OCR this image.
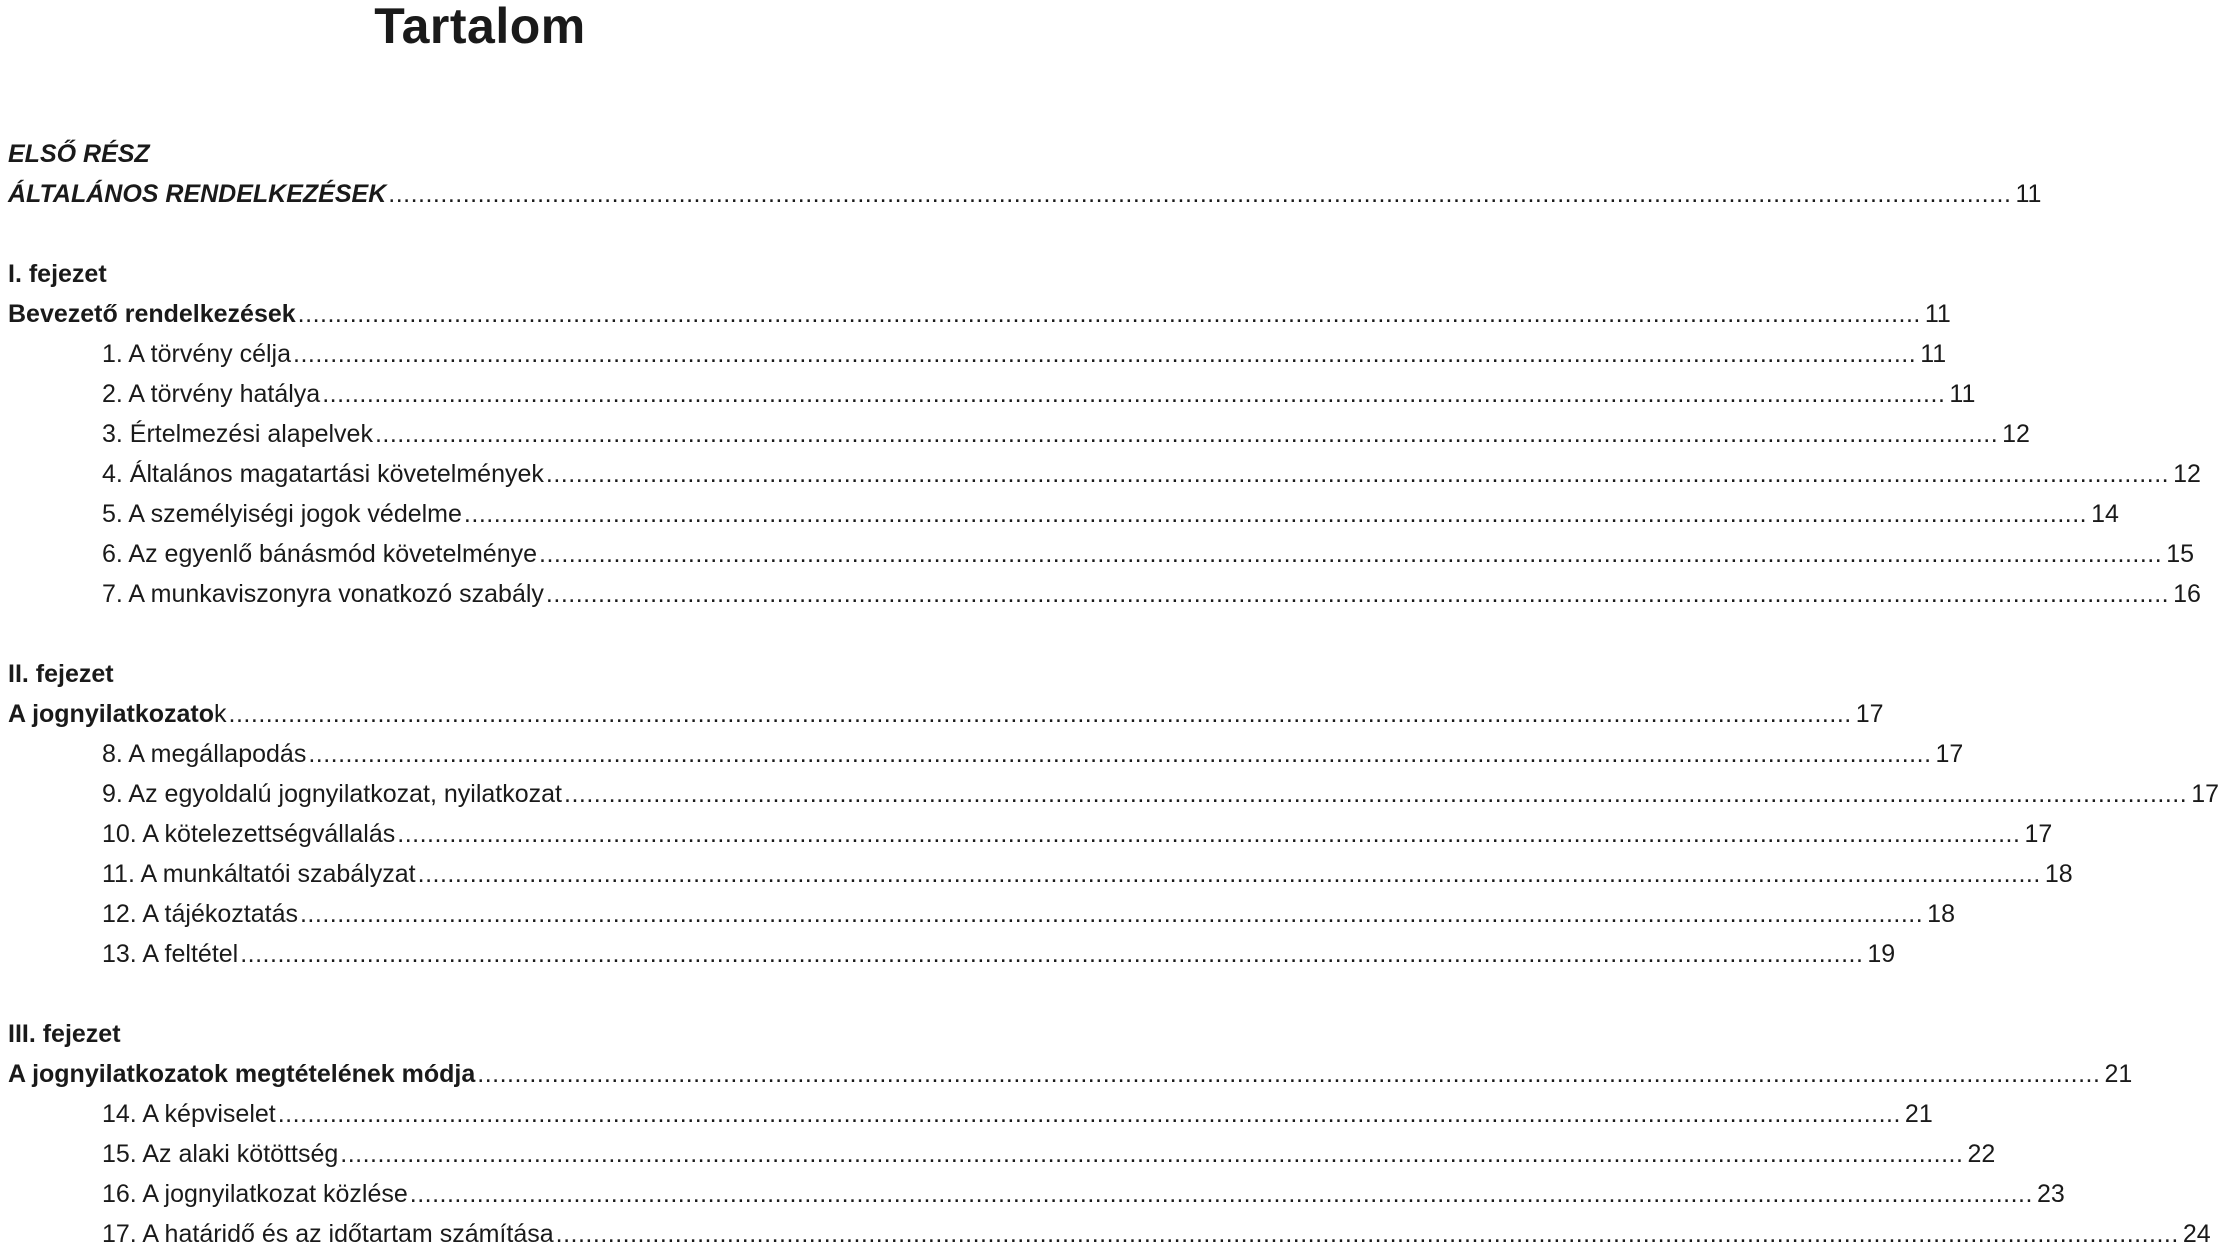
Tartalom
ELSŐ RÉSZ
ÁLTALÁNOS RENDELKEZÉSEK .....	11
I. fejezet
Bevezető rendelkezések .....	11
1. A törvény célja .....	11
2. A törvény hatálya .....	11
3. Értelmezési alapelvek .....	12
4. Általános magatartási követelmények .....	12
5. A személyiségi jogok védelme .....	14
6. Az egyenlő bánásmód követelménye .....	15
7. A munkaviszonyra vonatkozó szabály .....	16
II. fejezet
A jognyilatkozatok .....	17
8. A megállapodás .....	17
9. Az egyoldalú jognyilatkozat, nyilatkozat .....	17
10. A kötelezettségvállalás .....	17
11. A munkáltatói szabályzat .....	18
12. A tájékoztatás .....	18
13. A feltétel .....	19
III. fejezet
A jognyilatkozatok megtételének módja .....	21
14. A képviselet .....	21
15. Az alaki kötöttség .....	22
16. A jognyilatkozat közlése .....	23
17. A határidő és az időtartam számítása .....	24
